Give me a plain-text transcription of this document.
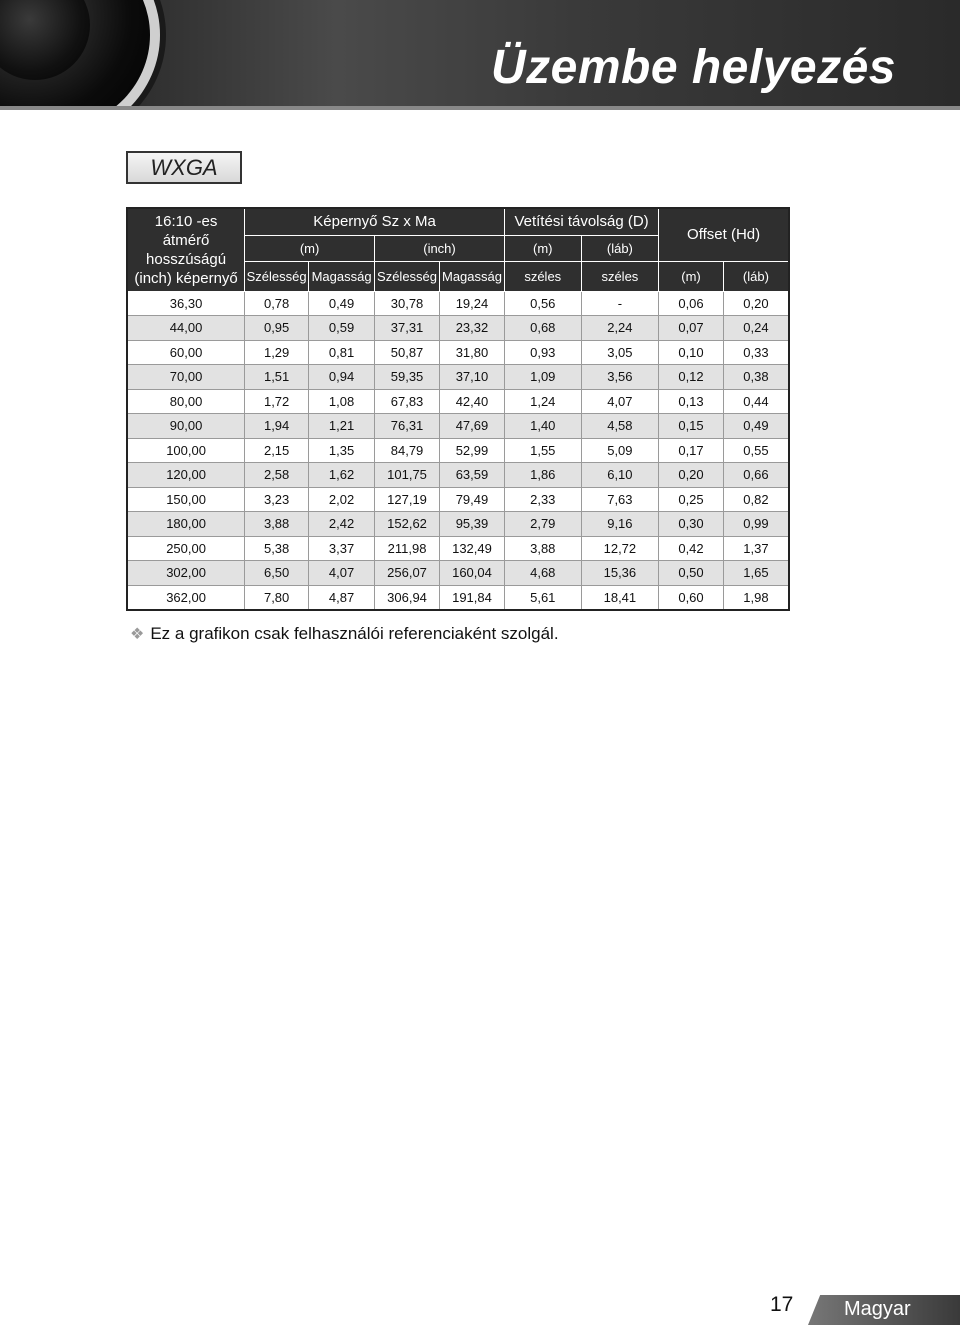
Üzembe helyezés
WXGA
16:10 -es
átmérő
hosszúságú
(inch) képernyő	Képernyő Sz x Ma				Vetítési távolság (D)		Offset (Hd)	
	(m)		(inch)		(m)	(láb)		
	Szélesség	Magasság	Szélesség	Magasság	széles	széles	(m)	(láb)
36,30	0,78	0,49	30,78	19,24	0,56	-	0,06	0,20
44,00	0,95	0,59	37,31	23,32	0,68	2,24	0,07	0,24
60,00	1,29	0,81	50,87	31,80	0,93	3,05	0,10	0,33
70,00	1,51	0,94	59,35	37,10	1,09	3,56	0,12	0,38
80,00	1,72	1,08	67,83	42,40	1,24	4,07	0,13	0,44
90,00	1,94	1,21	76,31	47,69	1,40	4,58	0,15	0,49
100,00	2,15	1,35	84,79	52,99	1,55	5,09	0,17	0,55
120,00	2,58	1,62	101,75	63,59	1,86	6,10	0,20	0,66
150,00	3,23	2,02	127,19	79,49	2,33	7,63	0,25	0,82
180,00	3,88	2,42	152,62	95,39	2,79	9,16	0,30	0,99
250,00	5,38	3,37	211,98	132,49	3,88	12,72	0,42	1,37
302,00	6,50	4,07	256,07	160,04	4,68	15,36	0,50	1,65
362,00	7,80	4,87	306,94	191,84	5,61	18,41	0,60	1,98
❖ Ez a grafikon csak felhasználói referenciaként szolgál.
17	Magyar
